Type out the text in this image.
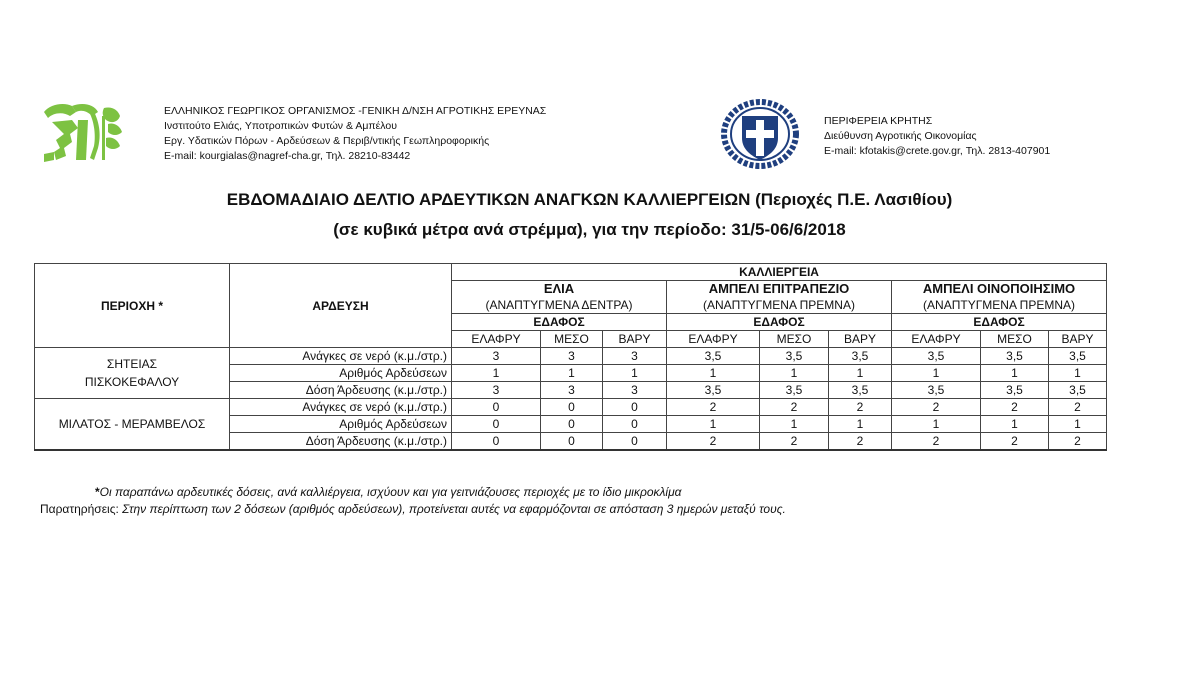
ΕΛΛΗΝΙΚΟΣ ΓΕΩΡΓΙΚΟΣ ΟΡΓΑΝΙΣΜΟΣ -ΓΕΝΙΚΗ Δ/ΝΣΗ ΑΓΡΟΤΙΚΗΣ ΕΡΕΥΝΑΣ
Ινστιτούτο Ελιάς, Υποτροπικών Φυτών & Αμπέλου
Εργ. Υδατικών Πόρων - Αρδεύσεων & Περιβ/ντικής Γεωπληροφορικής
E-mail: kourgialas@nagref-cha.gr, Τηλ. 28210-83442
ΠΕΡΙΦΕΡΕΙΑ ΚΡΗΤΗΣ
Διεύθυνση Αγροτικής Οικονομίας
E-mail: kfotakis@crete.gov.gr, Τηλ. 2813-407901
ΕΒΔΟΜΑΔΙΑΙΟ ΔΕΛΤΙΟ ΑΡΔΕΥΤΙΚΩΝ ΑΝΑΓΚΩΝ ΚΑΛΛΙΕΡΓΕΙΩΝ (Περιοχές Π.Ε. Λασιθίου)
(σε κυβικά μέτρα ανά στρέμμα), για την περίοδο: 31/5-06/6/2018
ΠΕΡΙΟΧΗ *	ΑΡΔΕΥΣΗ	ΚΑΛΛΙΕΡΓΕΙΑ								
		ΕΛΙΑ			ΑΜΠΕΛΙ ΕΠΙΤΡΑΠΕΖΙΟ			ΑΜΠΕΛΙ ΟΙΝΟΠΟΙΗΣΙΜΟ		
		(ΑΝΑΠΤΥΓΜΕΝΑ ΔΕΝΤΡΑ)			(ΑΝΑΠΤΥΓΜΕΝΑ ΠΡΕΜΝΑ)			(ΑΝΑΠΤΥΓΜΕΝΑ ΠΡΕΜΝΑ)		
		ΕΔΑΦΟΣ			ΕΔΑΦΟΣ			ΕΔΑΦΟΣ		
		ΕΛΑΦΡΥ	ΜΕΣΟ	ΒΑΡΥ	ΕΛΑΦΡΥ	ΜΕΣΟ	ΒΑΡΥ	ΕΛΑΦΡΥ	ΜΕΣΟ	ΒΑΡΥ

ΣΗΤΕΙΑΣ
ΠΙΣΚΟΚΕΦΑΛΟΥ	Ανάγκες σε νερό (κ.μ./στρ.)	3	3	3	3,5	3,5	3,5	3,5	3,5	3,5
	Αριθμός Αρδεύσεων	1	1	1	1	1	1	1	1	1
	Δόση Άρδευσης (κ.μ./στρ.)	3	3	3	3,5	3,5	3,5	3,5	3,5	3,5
ΜΙΛΑΤΟΣ - ΜΕΡΑΜΒΕΛΟΣ	Ανάγκες σε νερό (κ.μ./στρ.)	0	0	0	2	2	2	2	2	2
	Αριθμός Αρδεύσεων	0	0	0	1	1	1	1	1	1
	Δόση Άρδευσης (κ.μ./στρ.)	0	0	0	2	2	2	2	2	2
*Οι παραπάνω αρδευτικές δόσεις, ανά καλλιέργεια, ισχύουν και για γειτνιάζουσες περιοχές με το ίδιο μικροκλίμα
Παρατηρήσεις: Στην περίπτωση των 2 δόσεων (αριθμός αρδεύσεων), προτείνεται αυτές να εφαρμόζονται σε απόσταση 3 ημερών μεταξύ τους.
